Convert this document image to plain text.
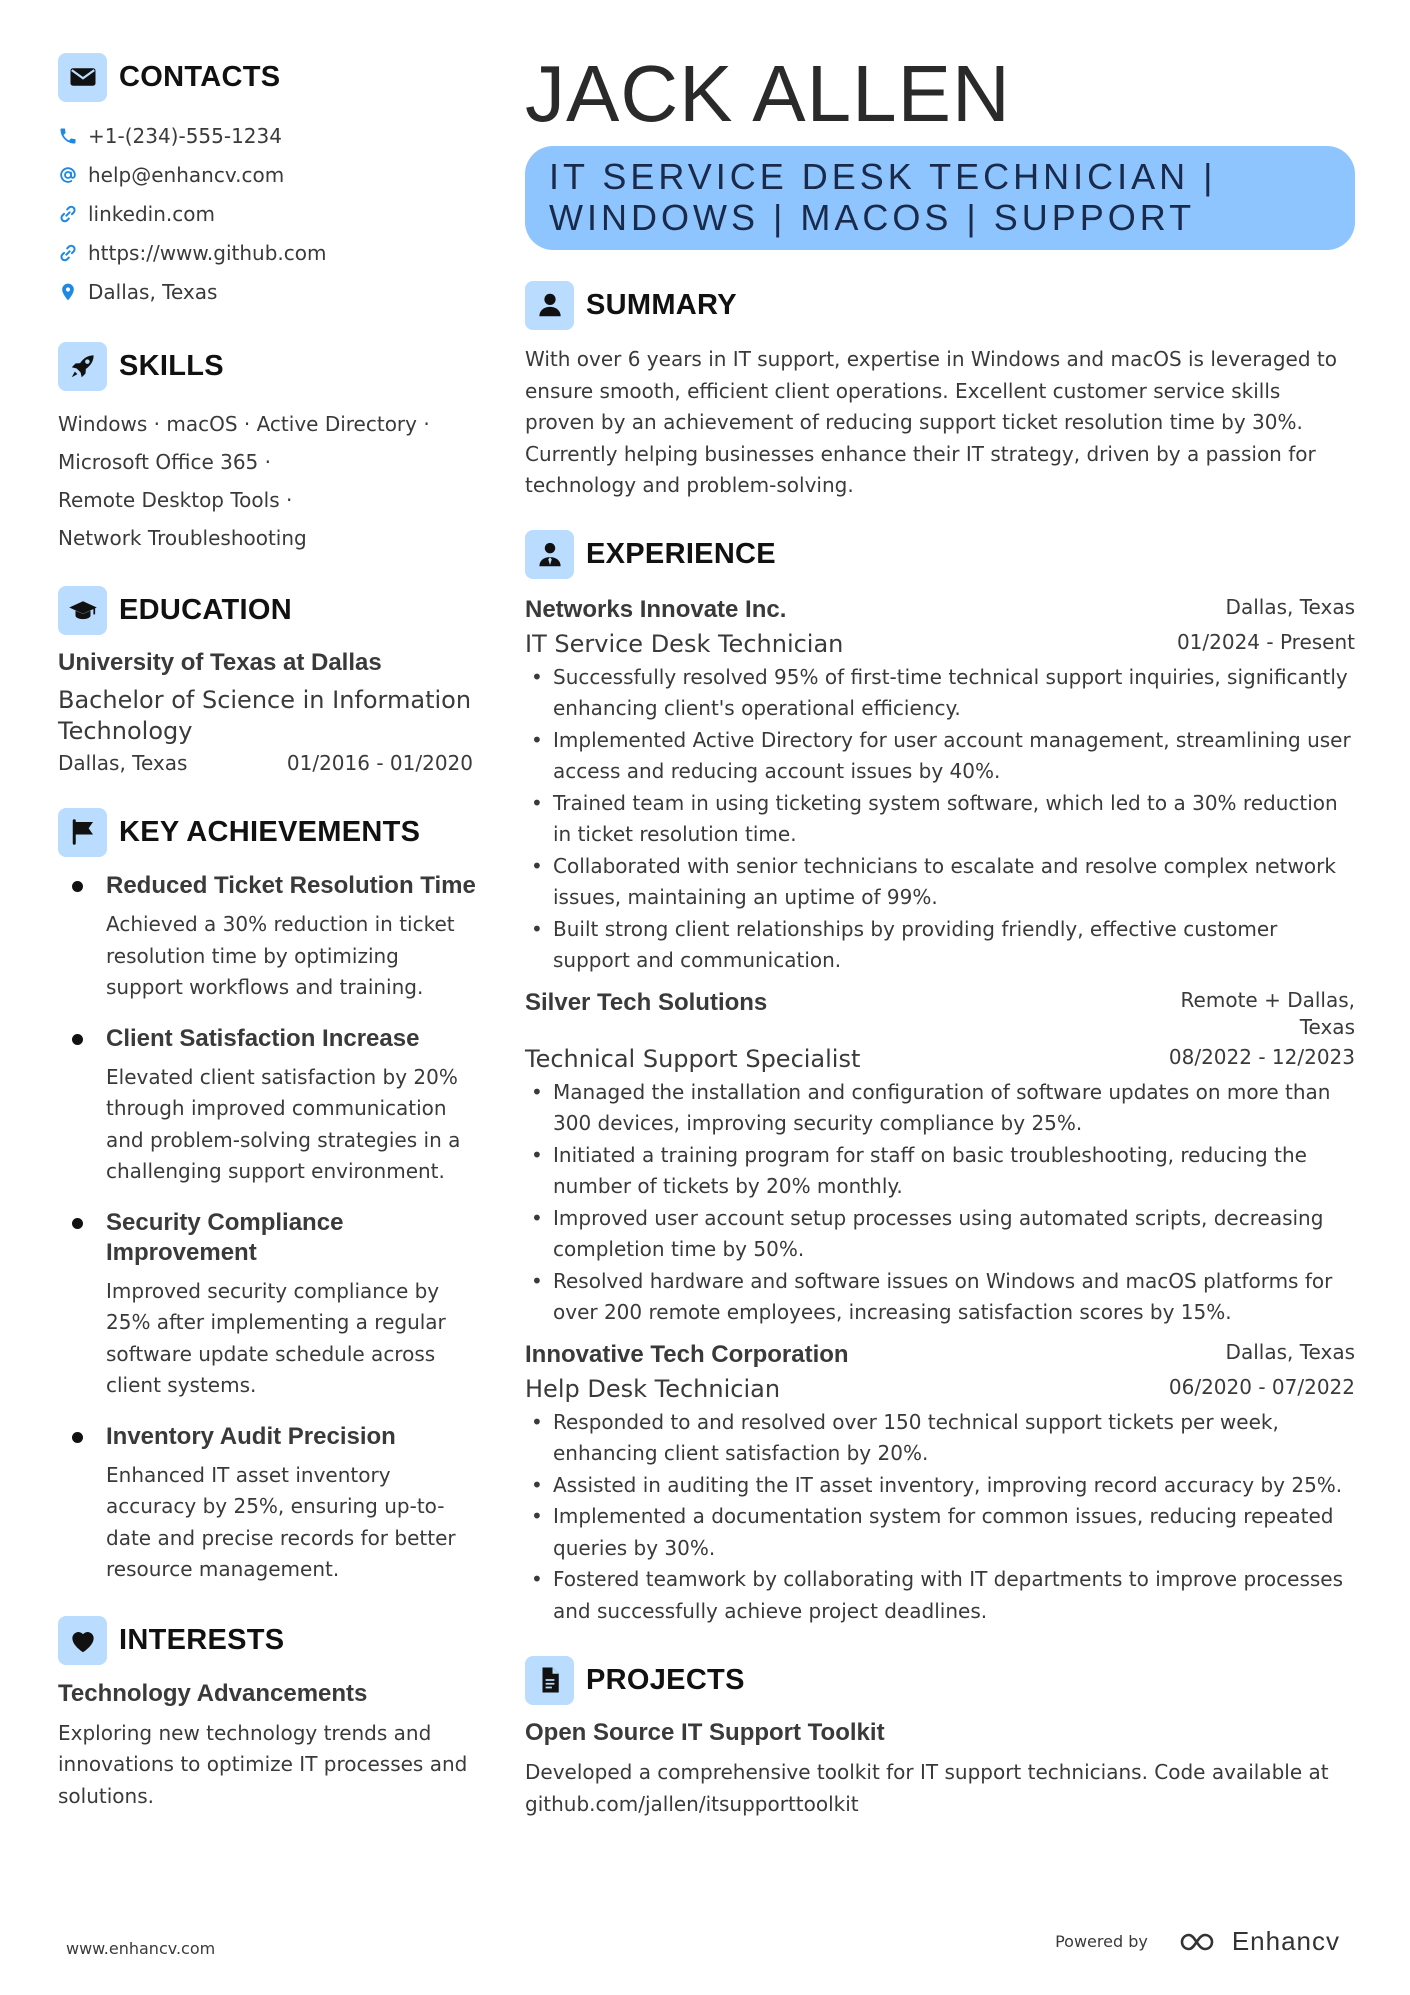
CONTACTS
+1-(234)-555-1234
help@enhancv.com
linkedin.com
https://www.github.com
Dallas, Texas
SKILLS
Windows · macOS · Active Directory ·
Microsoft Office 365 ·
Remote Desktop Tools ·
Network Troubleshooting
EDUCATION
University of Texas at Dallas
Bachelor of Science in Information Technology
Dallas, Texas	01/2016 - 01/2020
KEY ACHIEVEMENTS
Reduced Ticket Resolution Time
Achieved a 30% reduction in ticket resolution time by optimizing support workflows and training.
Client Satisfaction Increase
Elevated client satisfaction by 20% through improved communication and problem-solving strategies in a challenging support environment.
Security Compliance Improvement
Improved security compliance by 25% after implementing a regular software update schedule across client systems.
Inventory Audit Precision
Enhanced IT asset inventory accuracy by 25%, ensuring up-to-date and precise records for better resource management.
INTERESTS
Technology Advancements
Exploring new technology trends and innovations to optimize IT processes and solutions.
JACK ALLEN
IT SERVICE DESK TECHNICIAN |
WINDOWS | MACOS | SUPPORT
SUMMARY
With over 6 years in IT support, expertise in Windows and macOS is leveraged to ensure smooth, efficient client operations. Excellent customer service skills proven by an achievement of reducing support ticket resolution time by 30%. Currently helping businesses enhance their IT strategy, driven by a passion for technology and problem-solving.
EXPERIENCE
Networks Innovate Inc.	Dallas, Texas
IT Service Desk Technician	01/2024 - Present
• Successfully resolved 95% of first-time technical support inquiries, significantly enhancing client's operational efficiency.
• Implemented Active Directory for user account management, streamlining user access and reducing account issues by 40%.
• Trained team in using ticketing system software, which led to a 30% reduction in ticket resolution time.
• Collaborated with senior technicians to escalate and resolve complex network issues, maintaining an uptime of 99%.
• Built strong client relationships by providing friendly, effective customer support and communication.
Silver Tech Solutions	Remote + Dallas, Texas
Technical Support Specialist	08/2022 - 12/2023
• Managed the installation and configuration of software updates on more than 300 devices, improving security compliance by 25%.
• Initiated a training program for staff on basic troubleshooting, reducing the number of tickets by 20% monthly.
• Improved user account setup processes using automated scripts, decreasing completion time by 50%.
• Resolved hardware and software issues on Windows and macOS platforms for over 200 remote employees, increasing satisfaction scores by 15%.
Innovative Tech Corporation	Dallas, Texas
Help Desk Technician	06/2020 - 07/2022
• Responded to and resolved over 150 technical support tickets per week, enhancing client satisfaction by 20%.
• Assisted in auditing the IT asset inventory, improving record accuracy by 25%.
• Implemented a documentation system for common issues, reducing repeated queries by 30%.
• Fostered teamwork by collaborating with IT departments to improve processes and successfully achieve project deadlines.
PROJECTS
Open Source IT Support Toolkit
Developed a comprehensive toolkit for IT support technicians. Code available at github.com/jallen/itsupporttoolkit
www.enhancv.com	Powered by	Enhancv
